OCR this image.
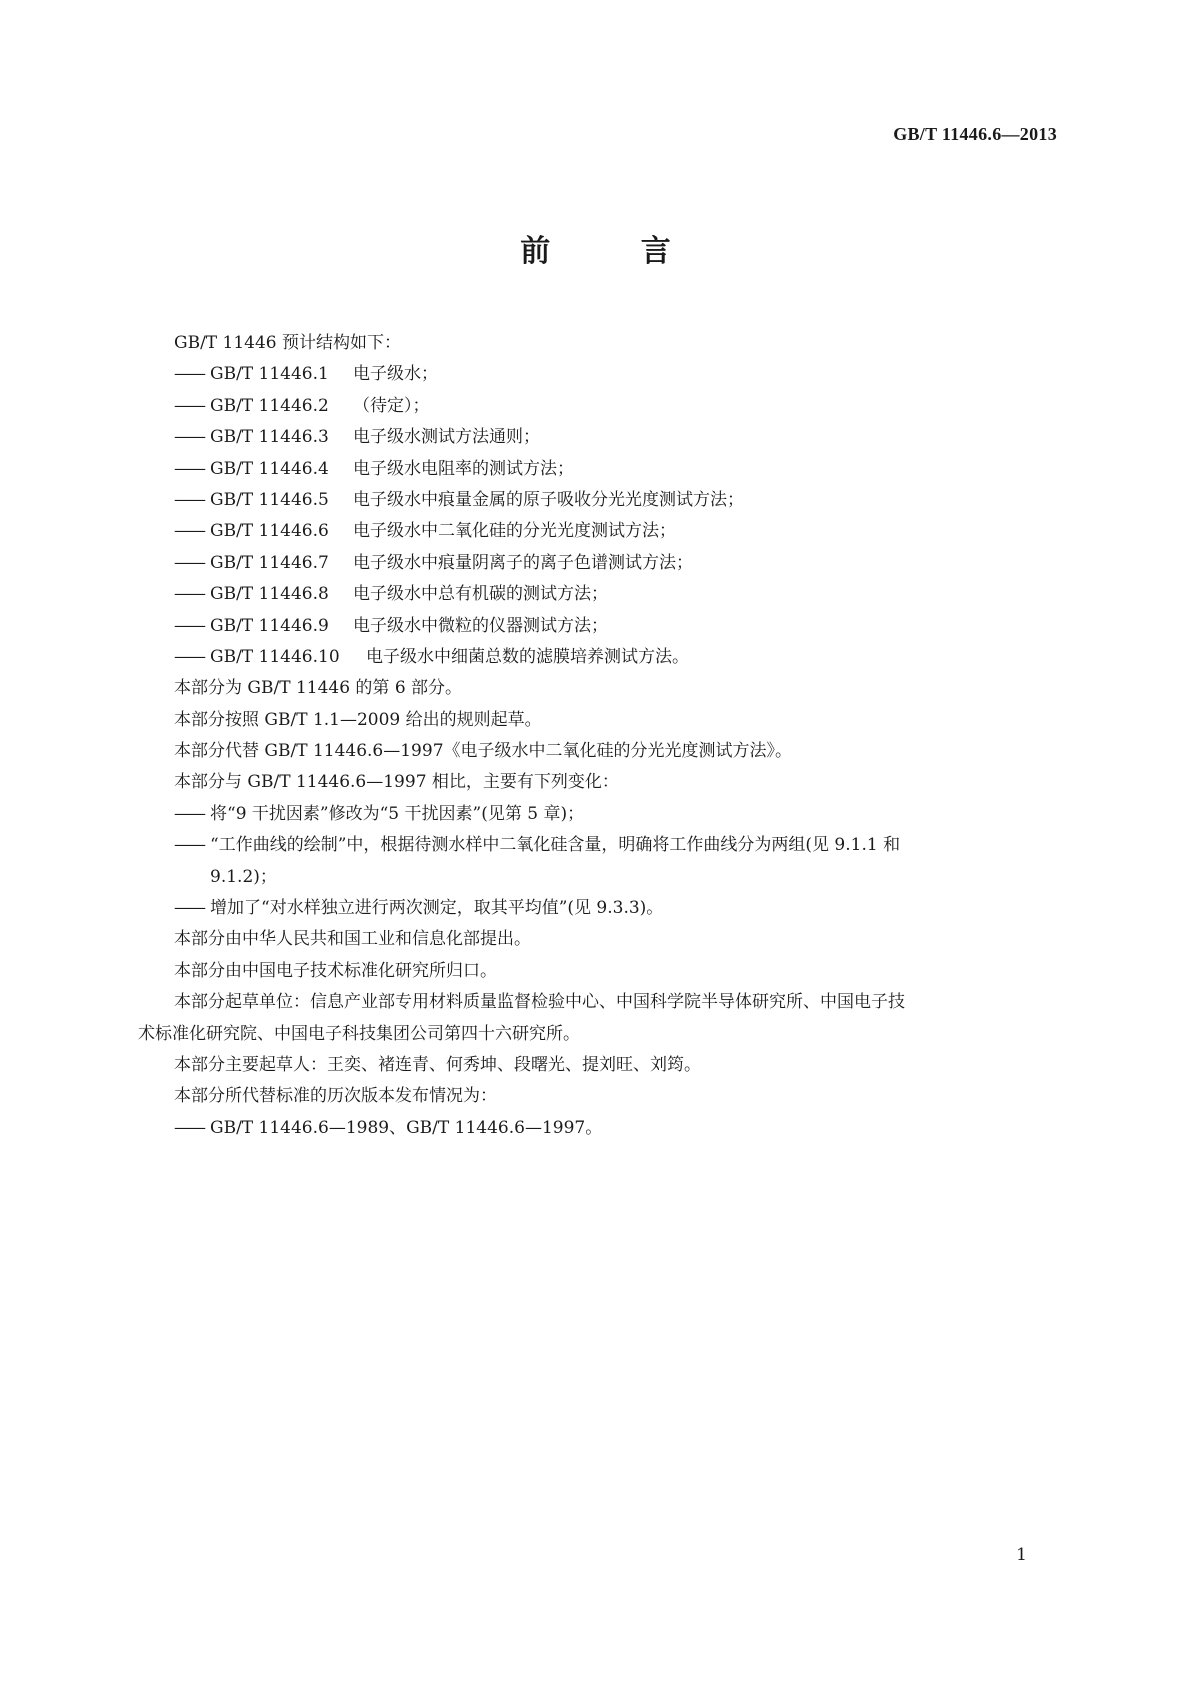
GB/T 11446.6—2013
前 言
GB/T 11446 预计结构如下：
—— GB/T 11446.1 电子级水；
—— GB/T 11446.2 （待定）；
—— GB/T 11446.3 电子级水测试方法通则；
—— GB/T 11446.4 电子级水电阻率的测试方法；
—— GB/T 11446.5 电子级水中痕量金属的原子吸收分光光度测试方法；
—— GB/T 11446.6 电子级水中二氧化硅的分光光度测试方法；
—— GB/T 11446.7 电子级水中痕量阴离子的离子色谱测试方法；
—— GB/T 11446.8 电子级水中总有机碳的测试方法；
—— GB/T 11446.9 电子级水中微粒的仪器测试方法；
—— GB/T 11446.10 电子级水中细菌总数的滤膜培养测试方法。
本部分为 GB/T 11446 的第 6 部分。
本部分按照 GB/T 1.1—2009 给出的规则起草。
本部分代替 GB/T 11446.6—1997《电子级水中二氧化硅的分光光度测试方法》。
本部分与 GB/T 11446.6—1997 相比，主要有下列变化：
—— 将“9 干扰因素”修改为“5 干扰因素”(见第 5 章)；
—— “工作曲线的绘制”中，根据待测水样中二氧化硅含量，明确将工作曲线分为两组(见 9.1.1 和
9.1.2)；
—— 增加了“对水样独立进行两次测定，取其平均值”(见 9.3.3)。
本部分由中华人民共和国工业和信息化部提出。
本部分由中国电子技术标准化研究所归口。
本部分起草单位：信息产业部专用材料质量监督检验中心、中国科学院半导体研究所、中国电子技
术标准化研究院、中国电子科技集团公司第四十六研究所。
本部分主要起草人：王奕、褚连青、何秀坤、段曙光、提刘旺、刘筠。
本部分所代替标准的历次版本发布情况为：
—— GB/T 11446.6—1989、GB/T 11446.6—1997。
1
